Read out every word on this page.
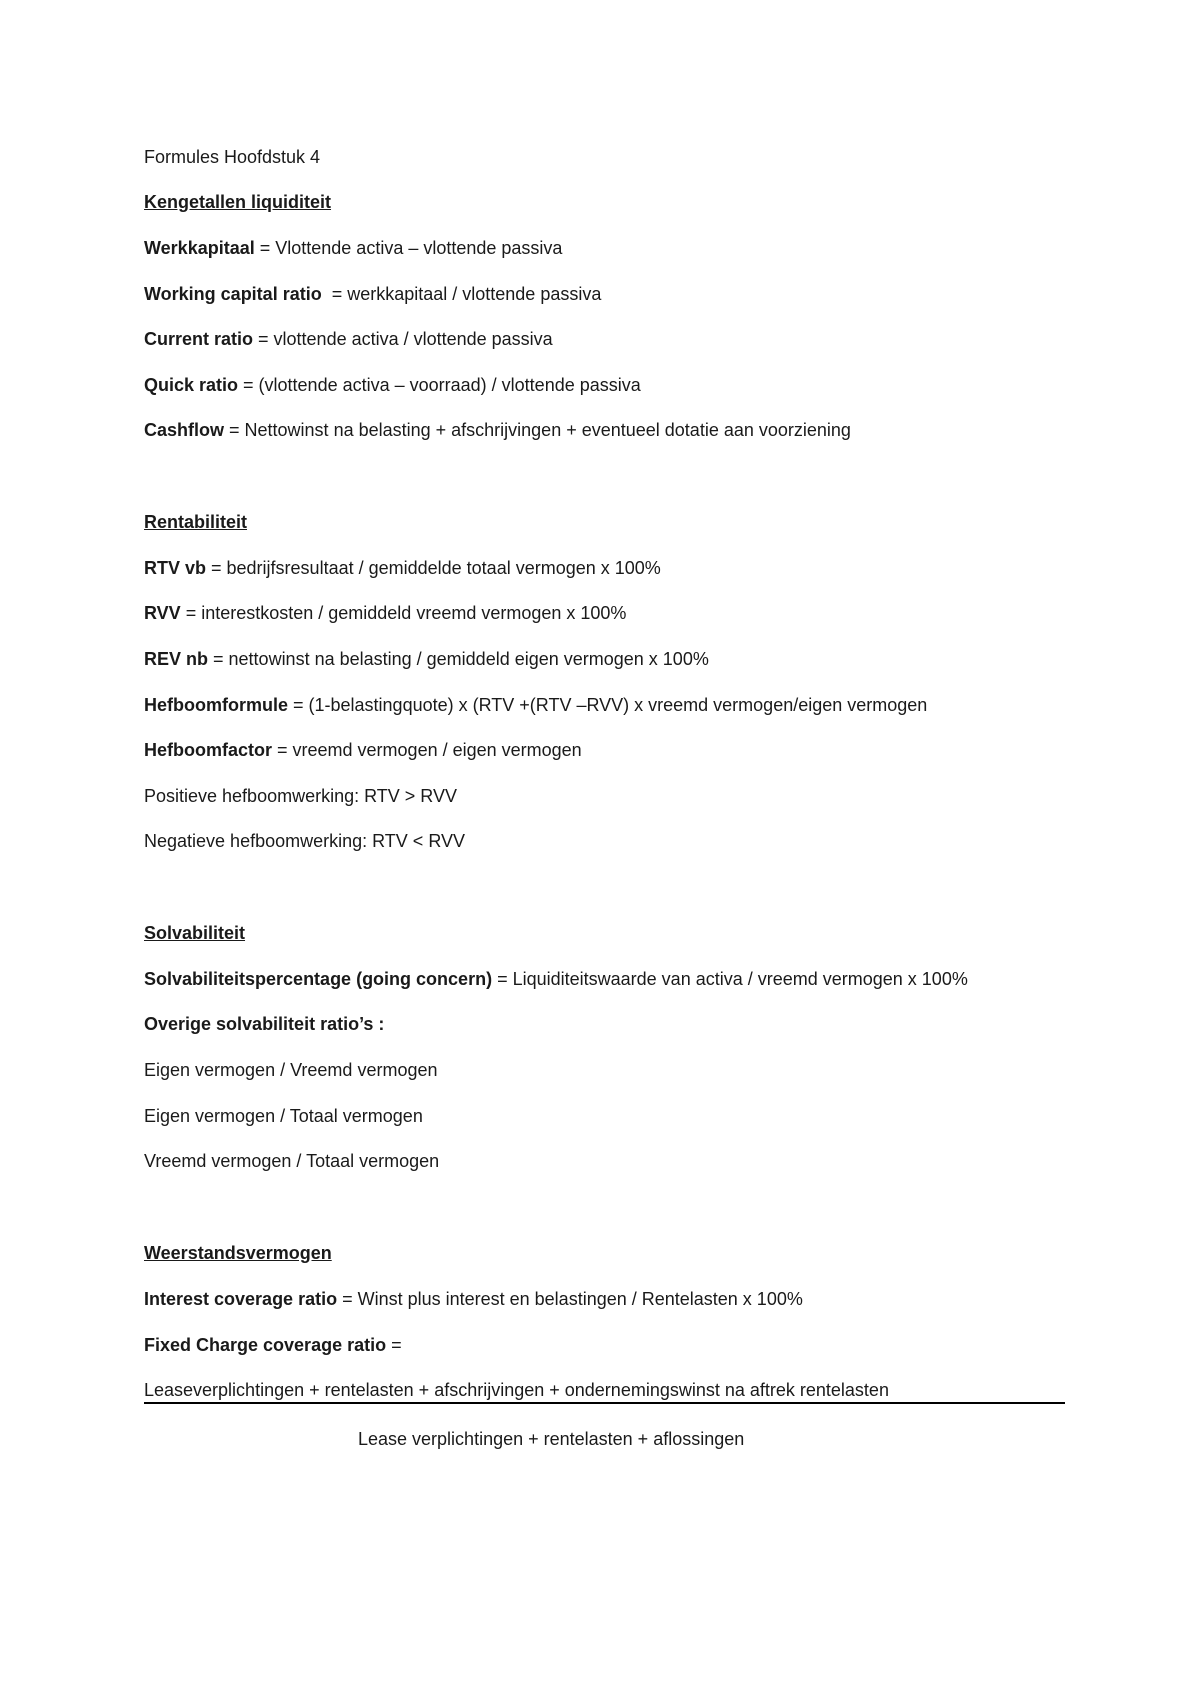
Formules Hoofdstuk 4
Kengetallen liquiditeit
Werkkapitaal = Vlottende activa – vlottende passiva
Working capital ratio  = werkkapitaal / vlottende passiva
Current ratio = vlottende activa / vlottende passiva
Quick ratio = (vlottende activa – voorraad) / vlottende passiva
Cashflow = Nettowinst na belasting + afschrijvingen + eventueel dotatie aan voorziening
Rentabiliteit
RTV vb = bedrijfsresultaat / gemiddelde totaal vermogen x 100%
RVV = interestkosten / gemiddeld vreemd vermogen x 100%
REV nb = nettowinst na belasting / gemiddeld eigen vermogen x 100%
Hefboomformule = (1-belastingquote) x (RTV +(RTV –RVV) x vreemd vermogen/eigen vermogen
Hefboomfactor = vreemd vermogen / eigen vermogen
Positieve hefboomwerking: RTV > RVV
Negatieve hefboomwerking: RTV < RVV
Solvabiliteit
Solvabiliteitspercentage (going concern) = Liquiditeitswaarde van activa / vreemd vermogen x 100%
Overige solvabiliteit ratio’s :
Eigen vermogen / Vreemd vermogen
Eigen vermogen / Totaal vermogen
Vreemd vermogen / Totaal vermogen
Weerstandsvermogen
Interest coverage ratio = Winst plus interest en belastingen / Rentelasten x 100%
Fixed Charge coverage ratio =
Leaseverplichtingen + rentelasten + afschrijvingen + ondernemingswinst na aftrek rentelasten
Lease verplichtingen + rentelasten + aflossingen
